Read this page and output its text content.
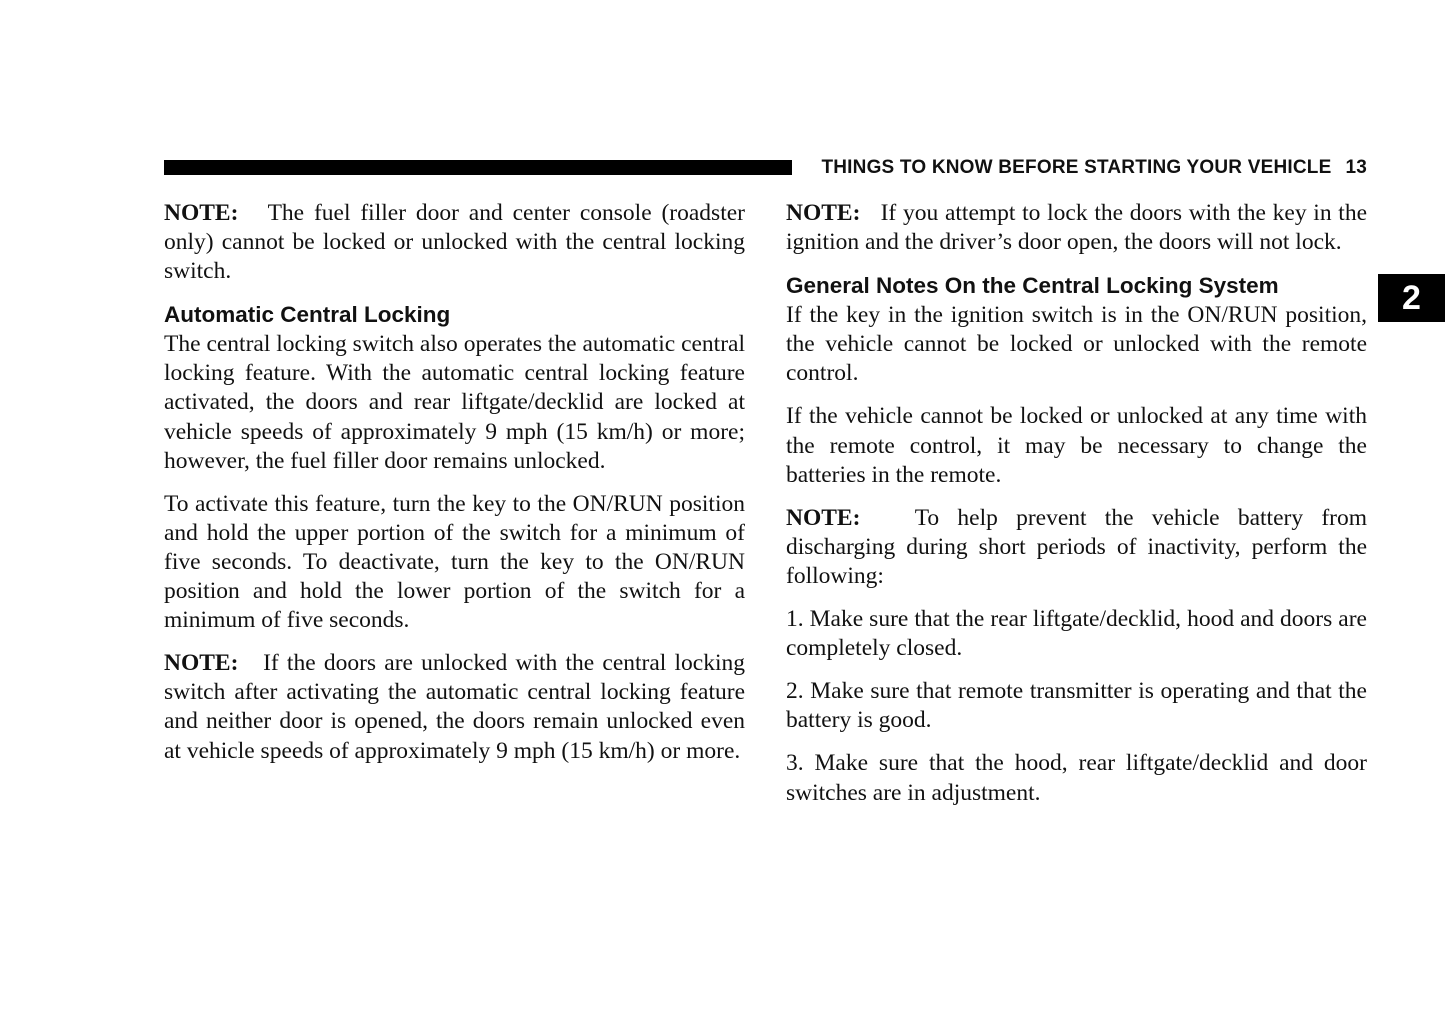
THINGS TO KNOW BEFORE STARTING YOUR VEHICLE 13
2

NOTE: The fuel filler door and center console (roadster only) cannot be locked or unlocked with the central locking switch.

Automatic Central Locking

The central locking switch also operates the automatic central locking feature. With the automatic central locking feature activated, the doors and rear liftgate/decklid are locked at vehicle speeds of approximately 9 mph (15 km/h) or more; however, the fuel filler door remains unlocked.

To activate this feature, turn the key to the ON/RUN position and hold the upper portion of the switch for a minimum of five seconds. To deactivate, turn the key to the ON/RUN position and hold the lower portion of the switch for a minimum of five seconds.

NOTE: If the doors are unlocked with the central locking switch after activating the automatic central locking feature and neither door is opened, the doors remain unlocked even at vehicle speeds of approximately 9 mph (15 km/h) or more.

NOTE: If you attempt to lock the doors with the key in the ignition and the driver’s door open, the doors will not lock.

General Notes On the Central Locking System

If the key in the ignition switch is in the ON/RUN position, the vehicle cannot be locked or unlocked with the remote control.

If the vehicle cannot be locked or unlocked at any time with the remote control, it may be necessary to change the batteries in the remote.

NOTE: To help prevent the vehicle battery from discharging during short periods of inactivity, perform the following:

1. Make sure that the rear liftgate/decklid, hood and doors are completely closed.

2. Make sure that remote transmitter is operating and that the battery is good.

3. Make sure that the hood, rear liftgate/decklid and door switches are in adjustment.
